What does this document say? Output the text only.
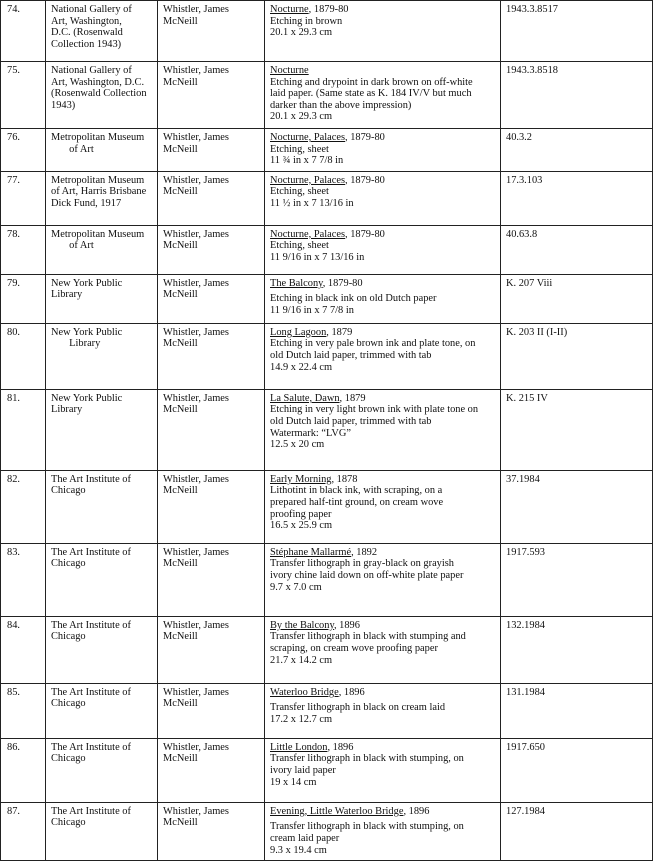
74.	National Gallery of
Art, Washington,
D.C. (Rosenwald
Collection 1943)	Whistler, James
McNeill	Nocturne, 1879-80
Etching in brown
20.1 x 29.3 cm	1943.3.8517
75.	National Gallery of
Art, Washington, D.C.
(Rosenwald Collection
1943)	Whistler, James
McNeill	Nocturne
Etching and drypoint in dark brown on off-white
laid paper. (Same state as K. 184 IV/V but much
darker than the above impression)
20.1 x 29.3 cm	1943.3.8518
76.	Metropolitan Museum
of Art	Whistler, James
McNeill	Nocturne, Palaces, 1879-80
Etching, sheet
11 ¾ in x 7 7/8 in	40.3.2
77.	Metropolitan Museum
of Art, Harris Brisbane
Dick Fund, 1917	Whistler, James
McNeill	Nocturne, Palaces, 1879-80
Etching, sheet
11 ½ in x 7 13/16 in	17.3.103
78.	Metropolitan Museum
of Art	Whistler, James
McNeill	Nocturne, Palaces, 1879-80
Etching, sheet
11 9/16 in x 7 13/16 in	40.63.8
79.	New York Public
Library	Whistler, James
McNeill	The Balcony, 1879-80
Etching in black ink on old Dutch paper
11 9/16 in x 7 7/8 in	K. 207 Viii
80.	New York Public
Library	Whistler, James
McNeill	Long Lagoon, 1879
Etching in very pale brown ink and plate tone, on
old Dutch laid paper, trimmed with tab
14.9 x 22.4 cm	K. 203 II (I-II)
81.	New York Public
Library	Whistler, James
McNeill	La Salute, Dawn, 1879
Etching in very light brown ink with plate tone on
old Dutch laid paper, trimmed with tab
Watermark: “LVG”
12.5 x 20 cm	K. 215 IV
82.	The Art Institute of
Chicago	Whistler, James
McNeill	Early Morning, 1878
Lithotint in black ink, with scraping, on a
prepared half-tint ground, on cream wove
proofing paper
16.5 x 25.9 cm	37.1984
83.	The Art Institute of
Chicago	Whistler, James
McNeill	Stéphane Mallarmé, 1892
Transfer lithograph in gray-black on grayish
ivory chine laid down on off-white plate paper
9.7 x 7.0 cm	1917.593
84.	The Art Institute of
Chicago	Whistler, James
McNeill	By the Balcony, 1896
Transfer lithograph in black with stumping and
scraping, on cream wove proofing paper
21.7 x 14.2 cm	132.1984
85.	The Art Institute of
Chicago	Whistler, James
McNeill	Waterloo Bridge, 1896
Transfer lithograph in black on cream laid
17.2 x 12.7 cm	131.1984
86.	The Art Institute of
Chicago	Whistler, James
McNeill	Little London, 1896
Transfer lithograph in black with stumping, on
ivory laid paper
19 x 14 cm	1917.650
87.	The Art Institute of
Chicago	Whistler, James
McNeill	Evening, Little Waterloo Bridge, 1896
Transfer lithograph in black with stumping, on
cream laid paper
9.3 x 19.4 cm	127.1984
